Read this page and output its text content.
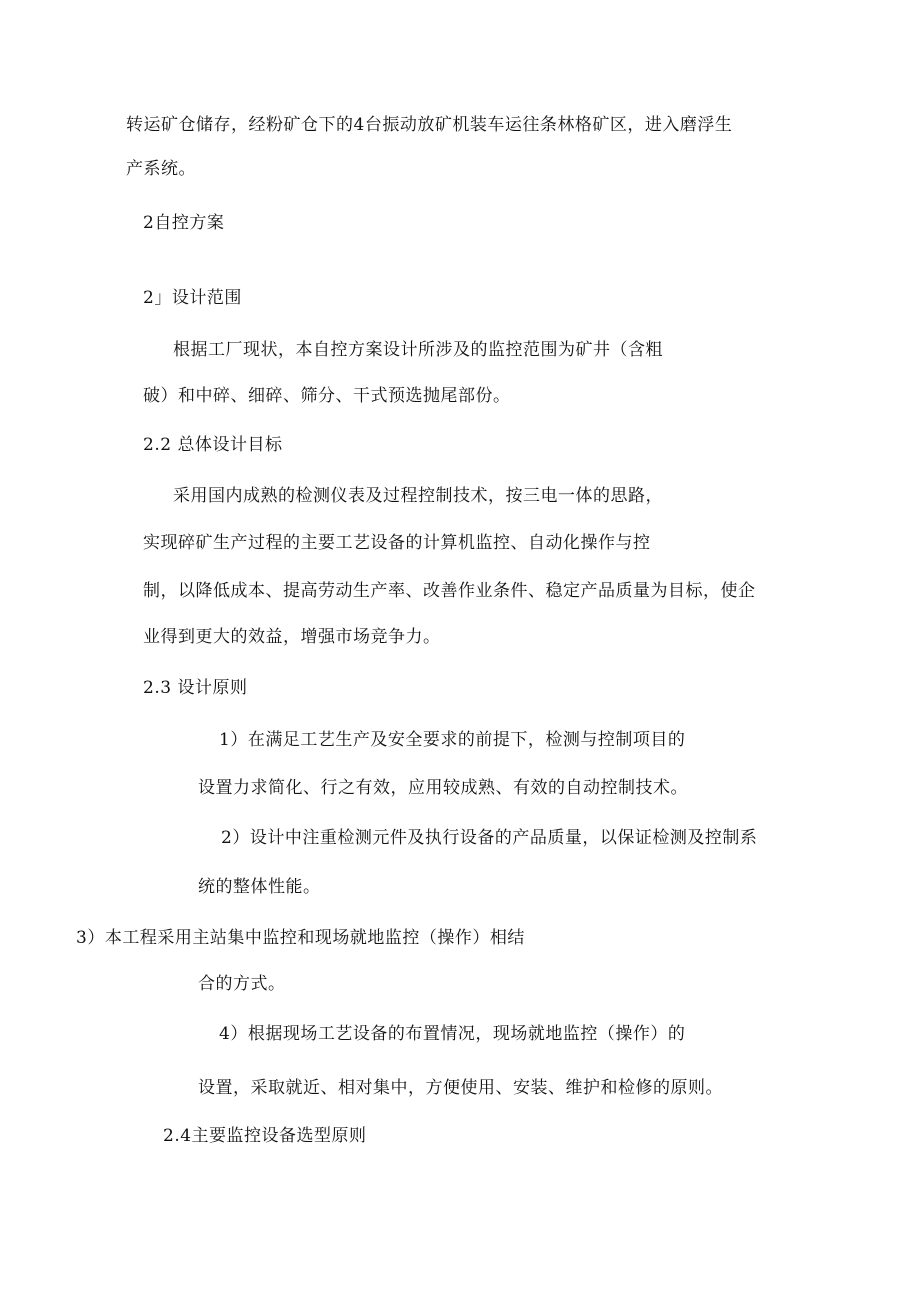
转运矿仓储存，经粉矿仓下的4台振动放矿机装车运往条林格矿区，进入磨浮生
产系统。
2自控方案
2」设计范围
根据工厂现状，本自控方案设计所涉及的监控范围为矿井（含粗
破）和中碎、细碎、筛分、干式预选抛尾部份。
2.2 总体设计目标
采用国内成熟的检测仪表及过程控制技术，按三电一体的思路，
实现碎矿生产过程的主要工艺设备的计算机监控、自动化操作与控
制，以降低成本、提高劳动生产率、改善作业条件、稳定产品质量为目标，使企
业得到更大的效益，增强市场竞争力。
2.3 设计原则
1）在满足工艺生产及安全要求的前提下，检测与控制项目的
设置力求简化、行之有效，应用较成熟、有效的自动控制技术。
2）设计中注重检测元件及执行设备的产品质量，以保证检测及控制系
统的整体性能。
3）本工程采用主站集中监控和现场就地监控（操作）相结
合的方式。
4）根据现场工艺设备的布置情况，现场就地监控（操作）的
设置，采取就近、相对集中，方便使用、安装、维护和检修的原则。
2.4主要监控设备选型原则
